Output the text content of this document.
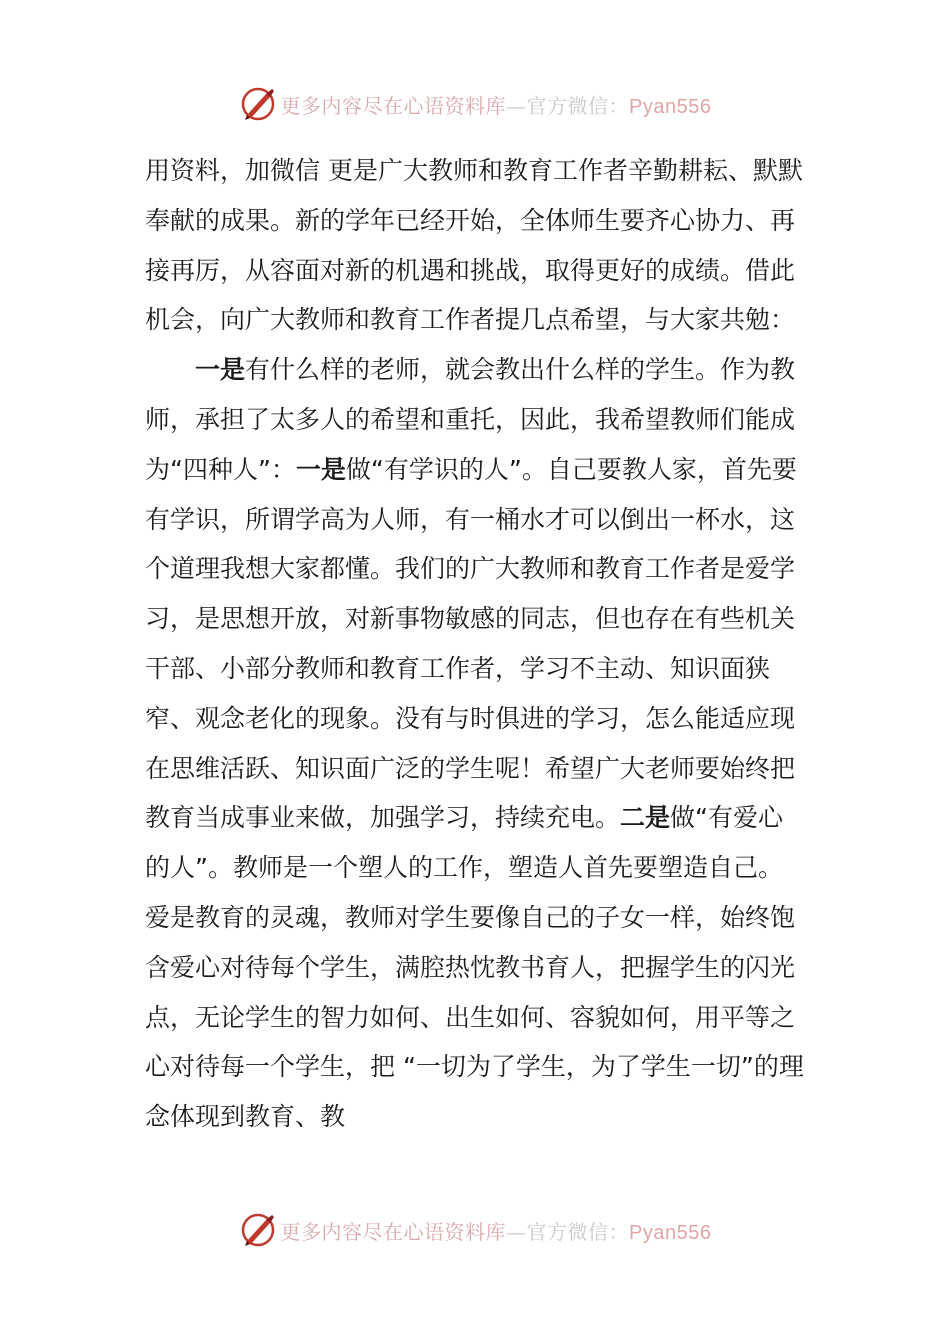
更多内容尽在心语资料库—官方微信：Pyan556

用资料，加微信 更是广大教师和教育工作者辛勤耕耘、默默奉献的成果。新的学年已经开始，全体师生要齐心协力、再接再厉，从容面对新的机遇和挑战，取得更好的成绩。借此机会，向广大教师和教育工作者提几点希望，与大家共勉：

一是有什么样的老师，就会教出什么样的学生。作为教师，承担了太多人的希望和重托，因此，我希望教师们能成为“四种人”：一是做“有学识的人”。自己要教人家，首先要有学识，所谓学高为人师，有一桶水才可以倒出一杯水，这个道理我想大家都懂。我们的广大教师和教育工作者是爱学习，是思想开放，对新事物敏感的同志，但也存在有些机关干部、小部分教师和教育工作者，学习不主动、知识面狭窄、观念老化的现象。没有与时俱进的学习，怎么能适应现在思维活跃、知识面广泛的学生呢！希望广大老师要始终把教育当成事业来做，加强学习，持续充电。二是做“有爱心的人”。教师是一个塑人的工作，塑造人首先要塑造自己。爱是教育的灵魂，教师对学生要像自己的子女一样，始终饱含爱心对待每个学生，满腔热忱教书育人，把握学生的闪光点，无论学生的智力如何、出生如何、容貌如何，用平等之心对待每一个学生，把 “一切为了学生，为了学生一切”的理念体现到教育、教

更多内容尽在心语资料库—官方微信：Pyan556
